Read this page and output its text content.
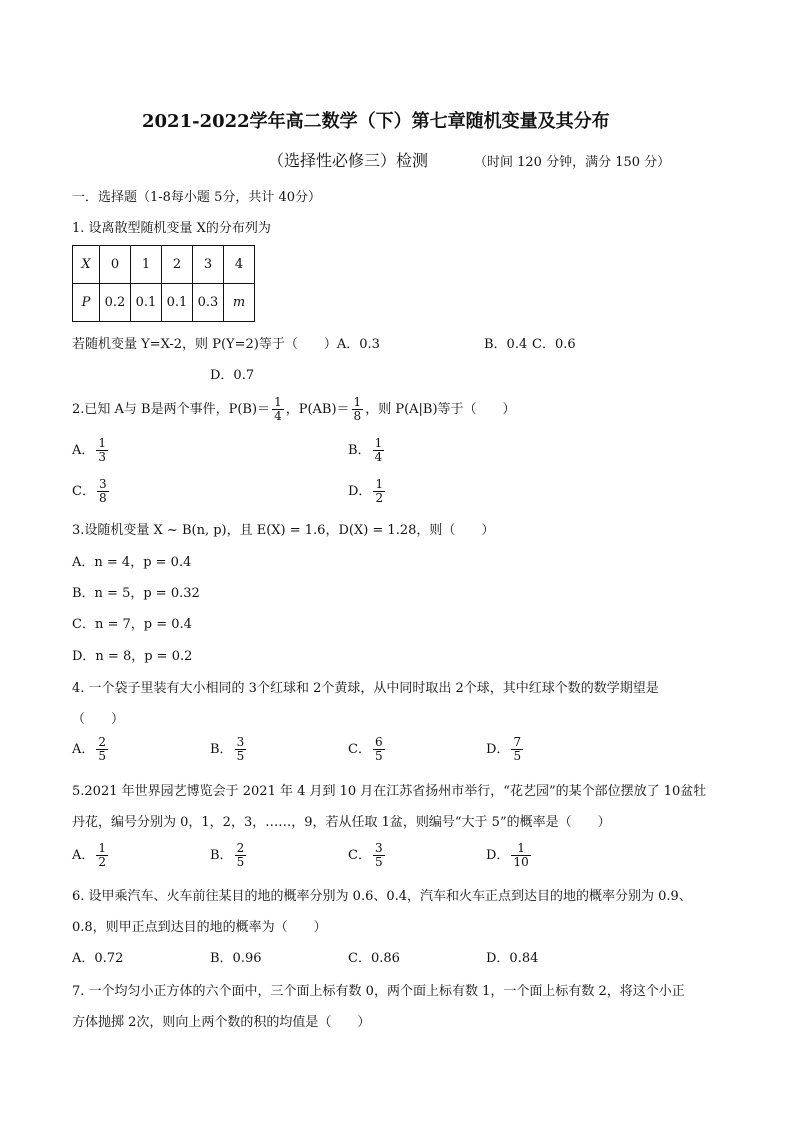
2021-2022学年高二数学（下）第七章随机变量及其分布
（选择性必修三）检测	（时间 120 分钟，满分 150 分）
一．选择题（1-8每小题 5分，共计 40分）
1. 设离散型随机变量 X的分布列为
X	0	1	2	3	4
P	0.2	0.1	0.1	0.3	m
若随机变量 Y=X-2，则 P(Y=2)等于（　　）A．0.3	B．0.4 C．0.6
D．0.7
2.已知 A与 B是两个事件，$P(B)= \frac{1}{4}$ ，$P(AB)= \frac{1}{8}$ ，则 P(A|B)等于（　　）
A． $\frac{1}{3}$	B． $\frac{1}{4}$
C． $\frac{3}{8}$	D． $\frac{1}{2}$
3.设随机变量 X ~ B(n, p)，且 E(X) = 1.6，D(X) = 1.28，则（　　）
A．n = 4，p = 0.4
B．n = 5，p = 0.32
C．n = 7，p = 0.4
D．n = 8，p = 0.2
4. 一个袋子里装有大小相同的 3个红球和 2个黄球，从中同时取出 2个球，其中红球个数的数学期望是
（　　）
A． $\frac{2}{5}$	B． $\frac{3}{5}$	C． $\frac{6}{5}$	D． $\frac{7}{5}$
5.2021 年世界园艺博览会于 2021 年 4 月到 10 月在江苏省扬州市举行，“花艺园”的某个部位摆放了 10盆牡
丹花，编号分别为 0，1，2，3，……，9，若从任取 1盆，则编号“大于 5”的概率是（　　）
A． $\frac{1}{2}$	B． $\frac{2}{5}$	C． $\frac{3}{5}$	D． $\frac{1}{10}$
6. 设甲乘汽车、火车前往某目的地的概率分别为 0.6、0.4，汽车和火车正点到达目的地的概率分别为 0.9、
0.8，则甲正点到达目的地的概率为（　　）
A．0.72	B．0.96	C．0.86	D．0.84
7. 一个均匀小正方体的六个面中，三个面上标有数 0，两个面上标有数 1，一个面上标有数 2，将这个小正
方体抛掷 2次，则向上两个数的积的均值是（　　）
